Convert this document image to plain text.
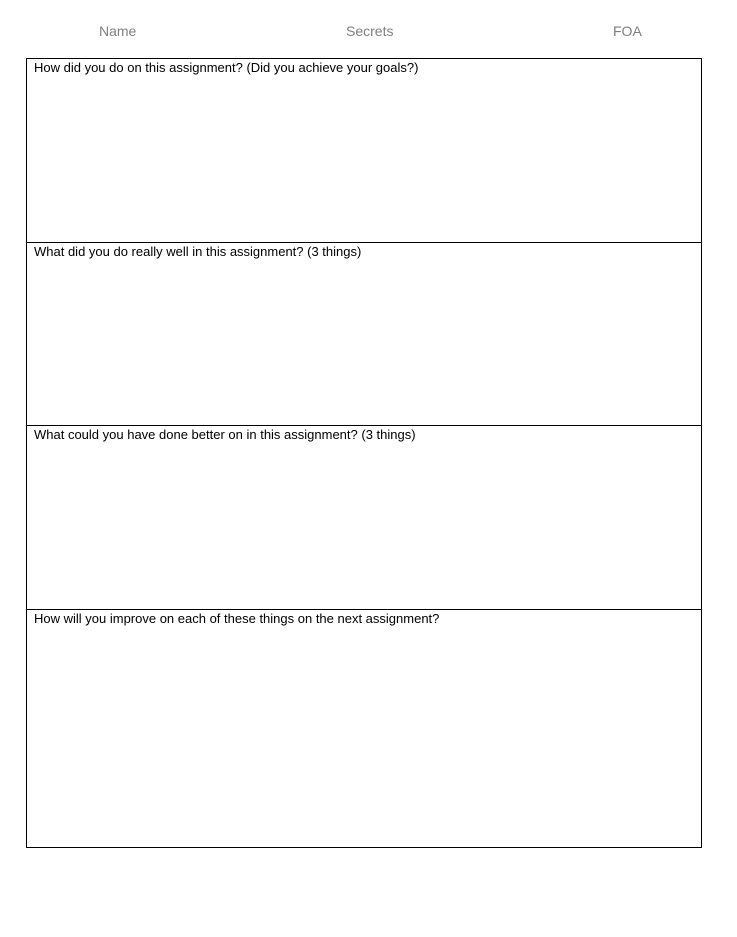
Name	Secrets	FOA
How did you do on this assignment? (Did you achieve your goals?)
What did you do really well in this assignment? (3 things)
What could you have done better on in this assignment? (3 things)
How will you improve on each of these things on the next assignment?
